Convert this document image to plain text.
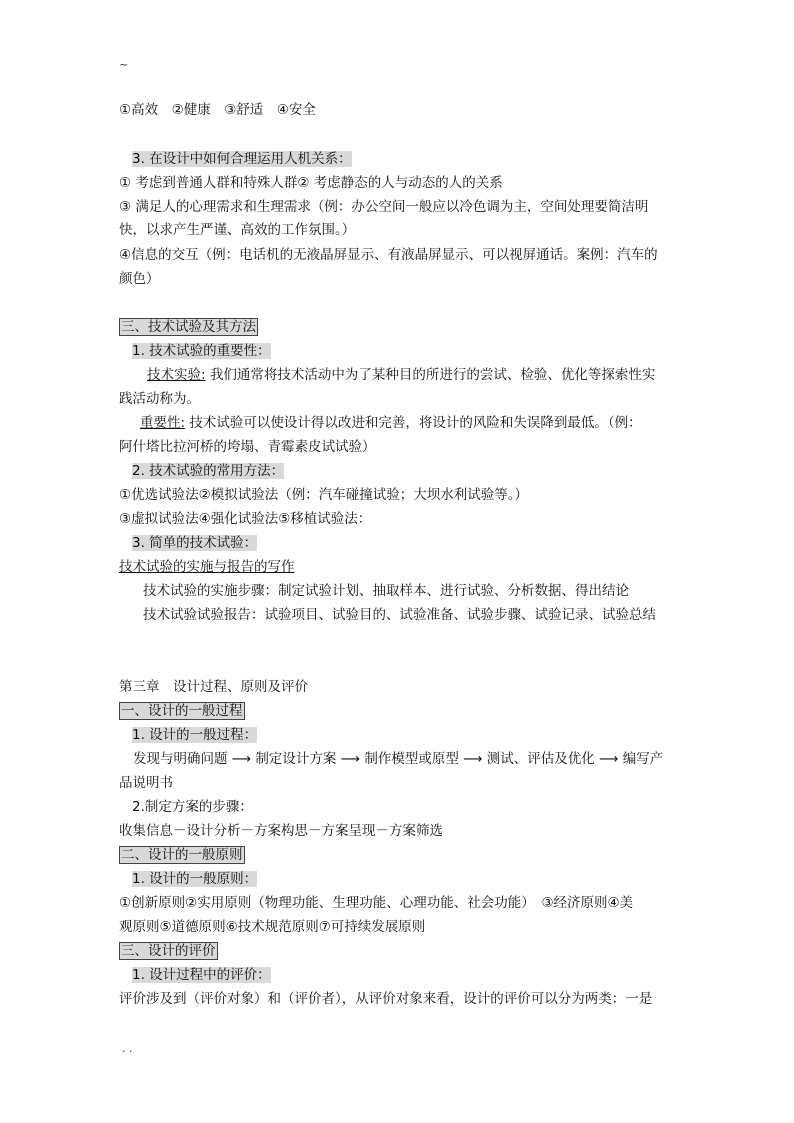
~
①高效　②健康　③舒适　④安全
3. 在设计中如何合理运用人机关系：
① 考虑到普通人群和特殊人群② 考虑静态的人与动态的人的关系
③ 满足人的心理需求和生理需求（例：办公空间一般应以冷色调为主，空间处理要简洁明
快，以求产生严谨、高效的工作氛围。）
④信息的交互（例：电话机的无液晶屏显示、有液晶屏显示、可以视屏通话。案例：汽车的
颜色）
三、技术试验及其方法
1. 技术试验的重要性：
技术实验: 我们通常将技术活动中为了某种目的所进行的尝试、检验、优化等探索性实
践活动称为。
重要性: 技术试验可以使设计得以改进和完善，将设计的风险和失误降到最低。（例：
阿什塔比拉河桥的垮塌、青霉素皮试试验）
2. 技术试验的常用方法：
①优选试验法②模拟试验法（例：汽车碰撞试验；大坝水利试验等。）
③虚拟试验法④强化试验法⑤移植试验法：
3. 简单的技术试验：
技术试验的实施与报告的写作
技术试验的实施步骤：制定试验计划、抽取样本、进行试验、分析数据、得出结论
技术试验试验报告：试验项目、试验目的、试验准备、试验步骤、试验记录、试验总结
第三章　设计过程、原则及评价
一、设计的一般过程
1. 设计的一般过程：
发现与明确问题 ⟶ 制定设计方案 ⟶ 制作模型或原型 ⟶ 测试、评估及优化 ⟶ 编写产
品说明书
2.制定方案的步骤：
收集信息－设计分析－方案构思－方案呈现－方案筛选
二、设计的一般原则
1. 设计的一般原则：
①创新原则②实用原则（物理功能、生理功能、心理功能、社会功能）　③经济原则④美
观原则⑤道德原则⑥技术规范原则⑦可持续发展原则
三、设计的评价
1. 设计过程中的评价：
评价涉及到（评价对象）和（评价者），从评价对象来看，设计的评价可以分为两类：一是
. .
